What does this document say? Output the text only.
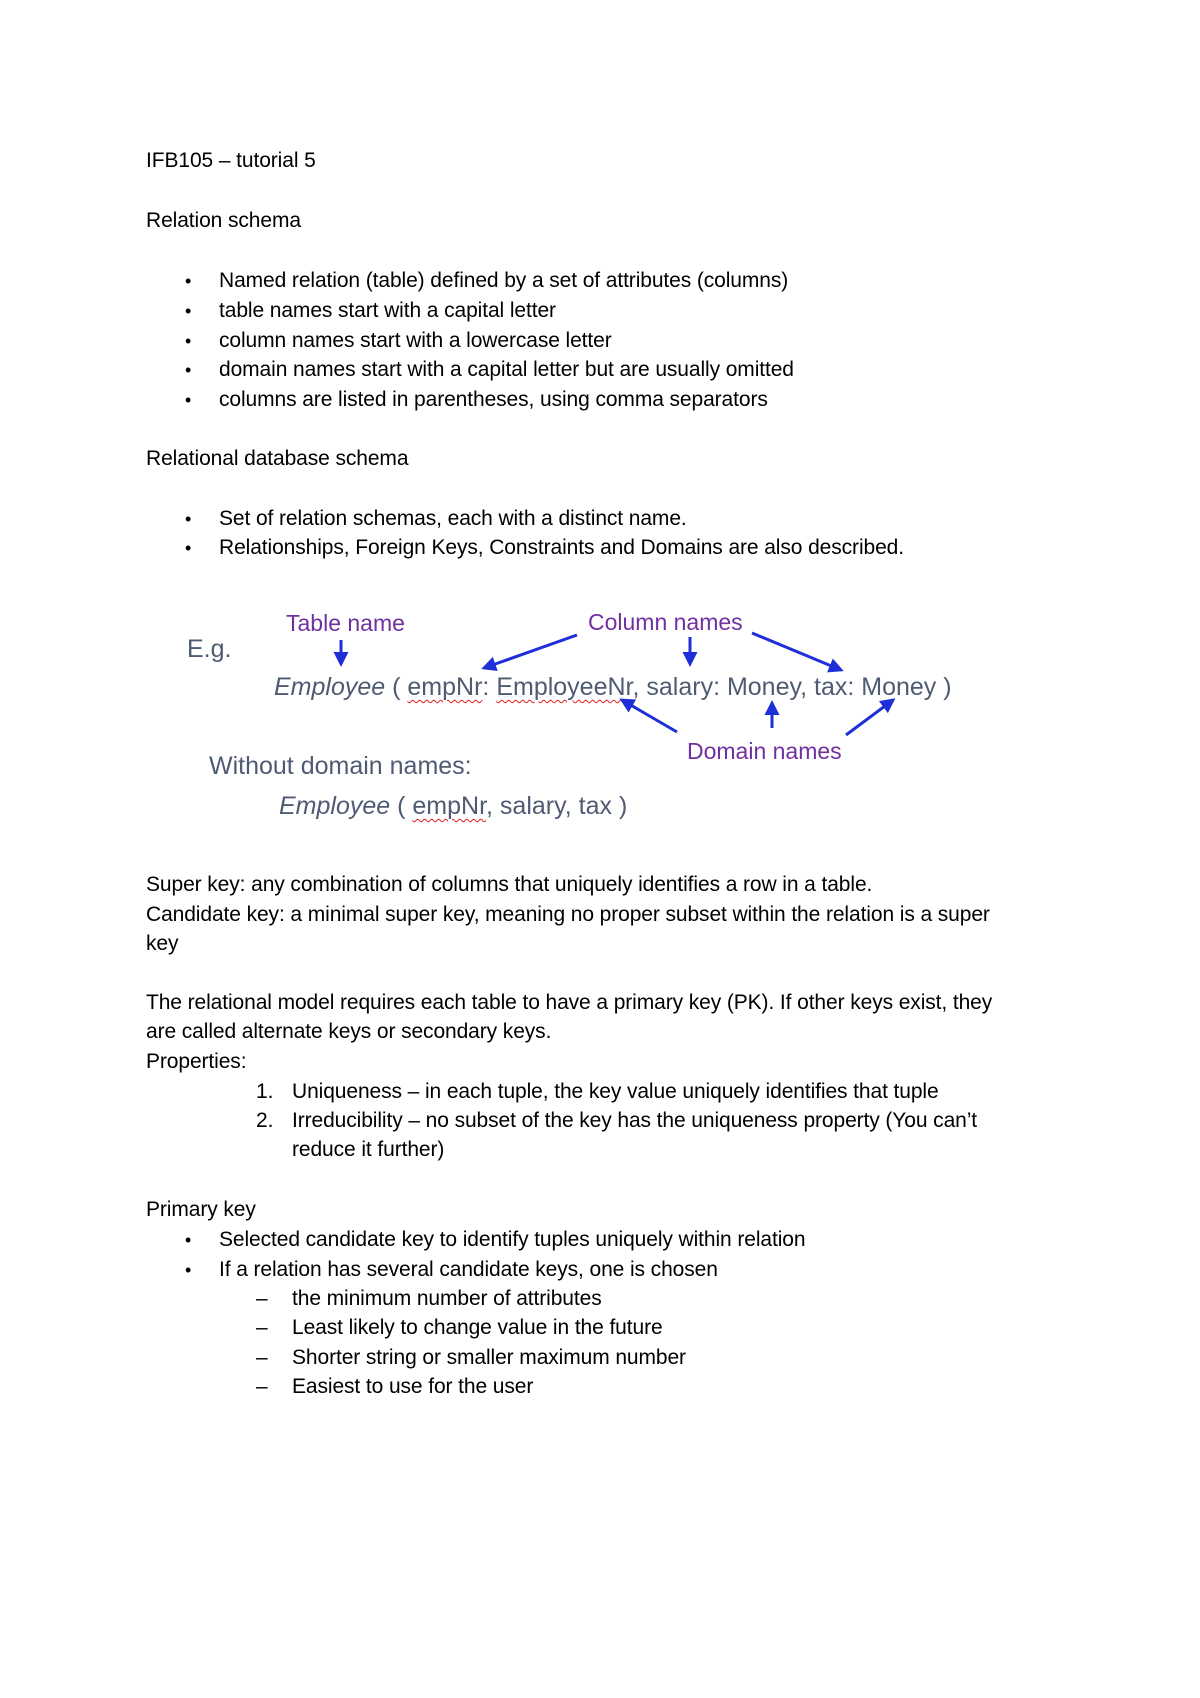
IFB105 – tutorial 5
Relation schema
• Named relation (table) defined by a set of attributes (columns)
• table names start with a capital letter
• column names start with a lowercase letter
• domain names start with a capital letter but are usually omitted
• columns are listed in parentheses, using comma separators
Relational database schema
• Set of relation schemas, each with a distinct name.
• Relationships, Foreign Keys, Constraints and Domains are also described.
Table name	Column names
E.g.
Employee ( empNr: EmployeeNr, salary: Money, tax: Money )
Domain names
Without domain names:
Employee ( empNr, salary, tax )
Super key: any combination of columns that uniquely identifies a row in a table.
Candidate key: a minimal super key, meaning no proper subset within the relation is a super
key
The relational model requires each table to have a primary key (PK). If other keys exist, they
are called alternate keys or secondary keys.
Properties:
1. Uniqueness – in each tuple, the key value uniquely identifies that tuple
2. Irreducibility – no subset of the key has the uniqueness property (You can’t
reduce it further)
Primary key
• Selected candidate key to identify tuples uniquely within relation
• If a relation has several candidate keys, one is chosen
– the minimum number of attributes
– Least likely to change value in the future
– Shorter string or smaller maximum number
– Easiest to use for the user
